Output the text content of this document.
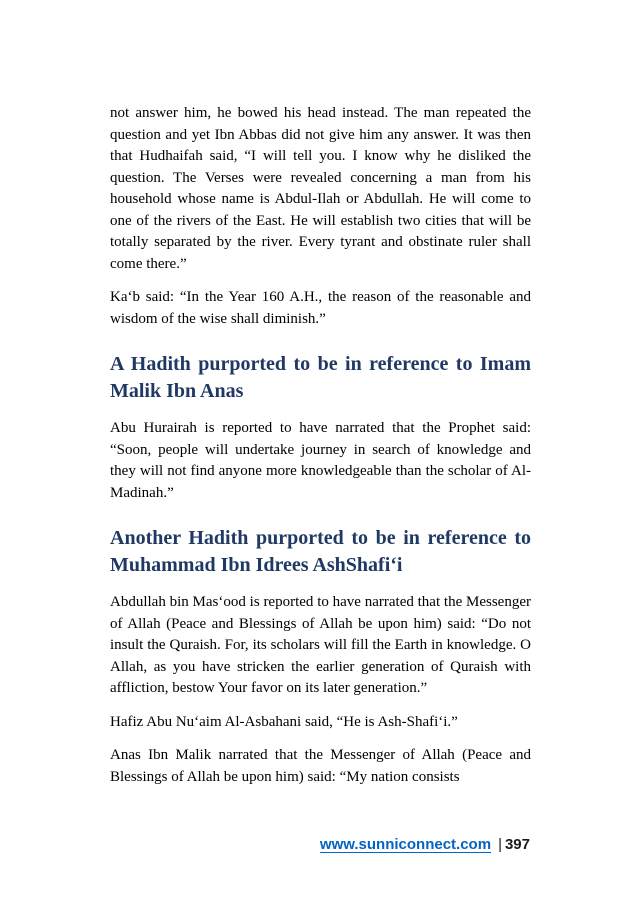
not answer him, he bowed his head instead. The man repeated the question and yet Ibn Abbas did not give him any answer. It was then that Hudhaifah said, “I will tell you. I know why he disliked the question. The Verses were revealed concerning a man from his household whose name is Abdul-Ilah or Abdullah. He will come to one of the rivers of the East. He will establish two cities that will be totally separated by the river. Every tyrant and obstinate ruler shall come there.”

Ka‘b said: “In the Year 160 A.H., the reason of the reasonable and wisdom of the wise shall diminish.”

A Hadith purported to be in reference to Imam Malik Ibn Anas

Abu Hurairah is reported to have narrated that the Prophet said: “Soon, people will undertake journey in search of knowledge and they will not find anyone more knowledgeable than the scholar of Al-Madinah.”

Another Hadith purported to be in reference to Muhammad Ibn Idrees AshShafi‘i

Abdullah bin Mas‘ood is reported to have narrated that the Messenger of Allah (Peace and Blessings of Allah be upon him) said: “Do not insult the Quraish. For, its scholars will fill the Earth in knowledge. O Allah, as you have stricken the earlier generation of Quraish with affliction, bestow Your favor on its later generation.”

Hafiz Abu Nu‘aim Al-Asbahani said, “He is Ash-Shafi‘i.”

Anas Ibn Malik narrated that the Messenger of Allah (Peace and Blessings of Allah be upon him) said: “My nation consists

www.sunniconnect.com | 397
